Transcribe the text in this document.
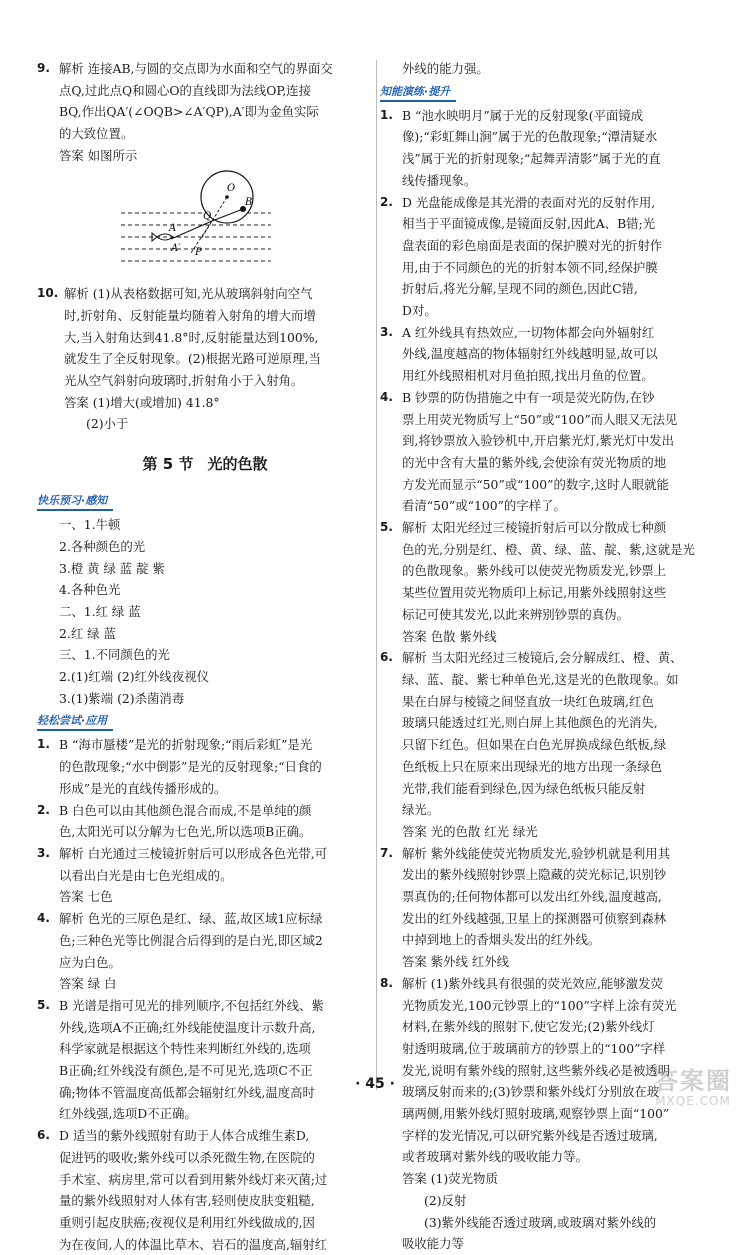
9. 解析 连接AB,与圆的交点即为水面和空气的界面交
点Q,过此点Q和圆心O的直线即为法线OP,连接
BQ,作出QA′(∠OQB>∠A′QP),A′即为金鱼实际
的大致位置。
答案 如图所示
O
B
Q
A
A′ P
10. 解析 (1)从表格数据可知,光从玻璃斜射向空气
时,折射角、反射能量均随着入射角的增大而增
大,当入射角达到41.8°时,反射能量达到100%,
就发生了全反射现象。(2)根据光路可逆原理,当
光从空气斜射向玻璃时,折射角小于入射角。
答案 (1)增大(或增加) 41.8°
(2)小于
第 5 节 光的色散
快乐预习·感知
一、1.牛顿
2.各种颜色的光
3.橙 黄 绿 蓝 靛 紫
4.各种色光
二、1.红 绿 蓝
2.红 绿 蓝
三、1.不同颜色的光
2.(1)红端 (2)红外线夜视仪
3.(1)紫端 (2)杀菌消毒
轻松尝试·应用
1. B “海市蜃楼”是光的折射现象;“雨后彩虹”是光
的色散现象;“水中倒影”是光的反射现象;“日食的
形成”是光的直线传播形成的。
2. B 白色可以由其他颜色混合而成,不是单纯的颜
色,太阳光可以分解为七色光,所以选项B正确。
3. 解析 白光通过三棱镜折射后可以形成各色光带,可
以看出白光是由七色光组成的。
答案 七色
4. 解析 色光的三原色是红、绿、蓝,故区域1应标绿
色;三种色光等比例混合后得到的是白光,即区域2
应为白色。
答案 绿 白
5. B 光谱是指可见光的排列顺序,不包括红外线、紫
外线,选项A不正确;红外线能使温度计示数升高,
科学家就是根据这个特性来判断红外线的,选项
B正确;红外线没有颜色,是不可见光,选项C不正
确;物体不管温度高低都会辐射红外线,温度高时
红外线强,选项D不正确。
6. D 适当的紫外线照射有助于人体合成维生素D,
促进钙的吸收;紫外线可以杀死微生物,在医院的
手术室、病房里,常可以看到用紫外线灯来灭菌;过
量的紫外线照射对人体有害,轻则使皮肤变粗糙,
重则引起皮肤癌;夜视仪是利用红外线做成的,因
为在夜间,人的体温比草木、岩石的温度高,辐射红
外线的能力强。
知能演练·提升
1. B “池水映明月”属于光的反射现象(平面镜成
像);“彩虹舞山涧”属于光的色散现象;“潭清疑水
浅”属于光的折射现象;“起舞弄清影”属于光的直
线传播现象。
2. D 光盘能成像是其光滑的表面对光的反射作用,
相当于平面镜成像,是镜面反射,因此A、B错;光
盘表面的彩色扇面是表面的保护膜对光的折射作
用,由于不同颜色的光的折射本领不同,经保护膜
折射后,将光分解,呈现不同的颜色,因此C错,
D对。
3. A 红外线具有热效应,一切物体都会向外辐射红
外线,温度越高的物体辐射红外线越明显,故可以
用红外线照相机对月鱼拍照,找出月鱼的位置。
4. B 钞票的防伪措施之中有一项是荧光防伪,在钞
票上用荧光物质写上“50”或“100”而人眼又无法见
到,将钞票放入验钞机中,开启紫光灯,紫光灯中发出
的光中含有大量的紫外线,会使涂有荧光物质的地
方发光而显示“50”或“100”的数字,这时人眼就能
看清“50”或“100”的字样了。
5. 解析 太阳光经过三棱镜折射后可以分散成七种颜
色的光,分别是红、橙、黄、绿、蓝、靛、紫,这就是光
的色散现象。紫外线可以使荧光物质发光,钞票上
某些位置用荧光物质印上标记,用紫外线照射这些
标记可使其发光,以此来辨别钞票的真伪。
答案 色散 紫外线
6. 解析 当太阳光经过三棱镜后,会分解成红、橙、黄、
绿、蓝、靛、紫七种单色光,这是光的色散现象。如
果在白屏与棱镜之间竖直放一块红色玻璃,红色
玻璃只能透过红光,则白屏上其他颜色的光消失,
只留下红色。但如果在白色光屏换成绿色纸板,绿
色纸板上只在原来出现绿光的地方出现一条绿色
光带,我们能看到绿色,因为绿色纸板只能反射
绿光。
答案 光的色散 红光 绿光
7. 解析 紫外线能使荧光物质发光,验钞机就是利用其
发出的紫外线照射钞票上隐藏的荧光标记,识别钞
票真伪的;任何物体都可以发出红外线,温度越高,
发出的红外线越强,卫星上的探测器可侦察到森林
中掉到地上的香烟头发出的红外线。
答案 紫外线 红外线
8. 解析 (1)紫外线具有很强的荧光效应,能够激发荧
光物质发光,100元钞票上的“100”字样上涂有荧光
材料,在紫外线的照射下,使它发光;(2)紫外线灯
射透明玻璃,位于玻璃前方的钞票上的“100”字样
发光,说明有紫外线的照射,这些紫外线必是被透明
玻璃反射而来的;(3)钞票和紫外线灯分别放在玻
璃两侧,用紫外线灯照射玻璃,观察钞票上面“100”
字样的发光情况,可以研究紫外线是否透过玻璃,
或者玻璃对紫外线的吸收能力等。
答案 (1)荧光物质
(2)反射
(3)紫外线能否透过玻璃,或玻璃对紫外线的
吸收能力等
· 45 ·	答案圈
MXQE.COM
